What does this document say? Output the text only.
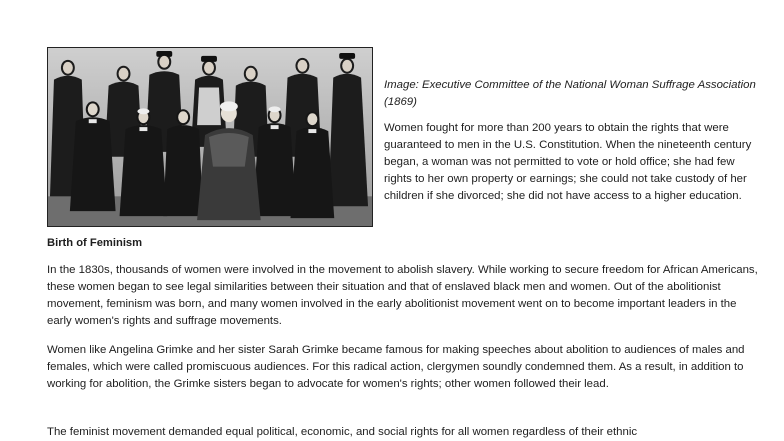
Image: Executive Committee of the National Woman Suffrage Association (1869)

Women fought for more than 200 years to obtain the rights that were guaranteed to men in the U.S. Constitution. When the nineteenth century began, a woman was not permitted to vote or hold office; she had few rights to her own property or earnings; she could not take custody of her children if she divorced; she did not have access to a higher education.

Birth of Feminism

In the 1830s, thousands of women were involved in the movement to abolish slavery. While working to secure freedom for African Americans, these women began to see legal similarities between their situation and that of enslaved black men and women. Out of the abolitionist movement, feminism was born, and many women involved in the early abolitionist movement went on to become important leaders in the early women's rights and suffrage movements.

Women like Angelina Grimke and her sister Sarah Grimke became famous for making speeches about abolition to audiences of males and females, which were called promiscuous audiences. For this radical action, clergymen soundly condemned them. As a result, in addition to working for abolition, the Grimke sisters began to advocate for women's rights; other women followed their lead.

The feminist movement demanded equal political, economic, and social rights for all women regardless of their ethnic
